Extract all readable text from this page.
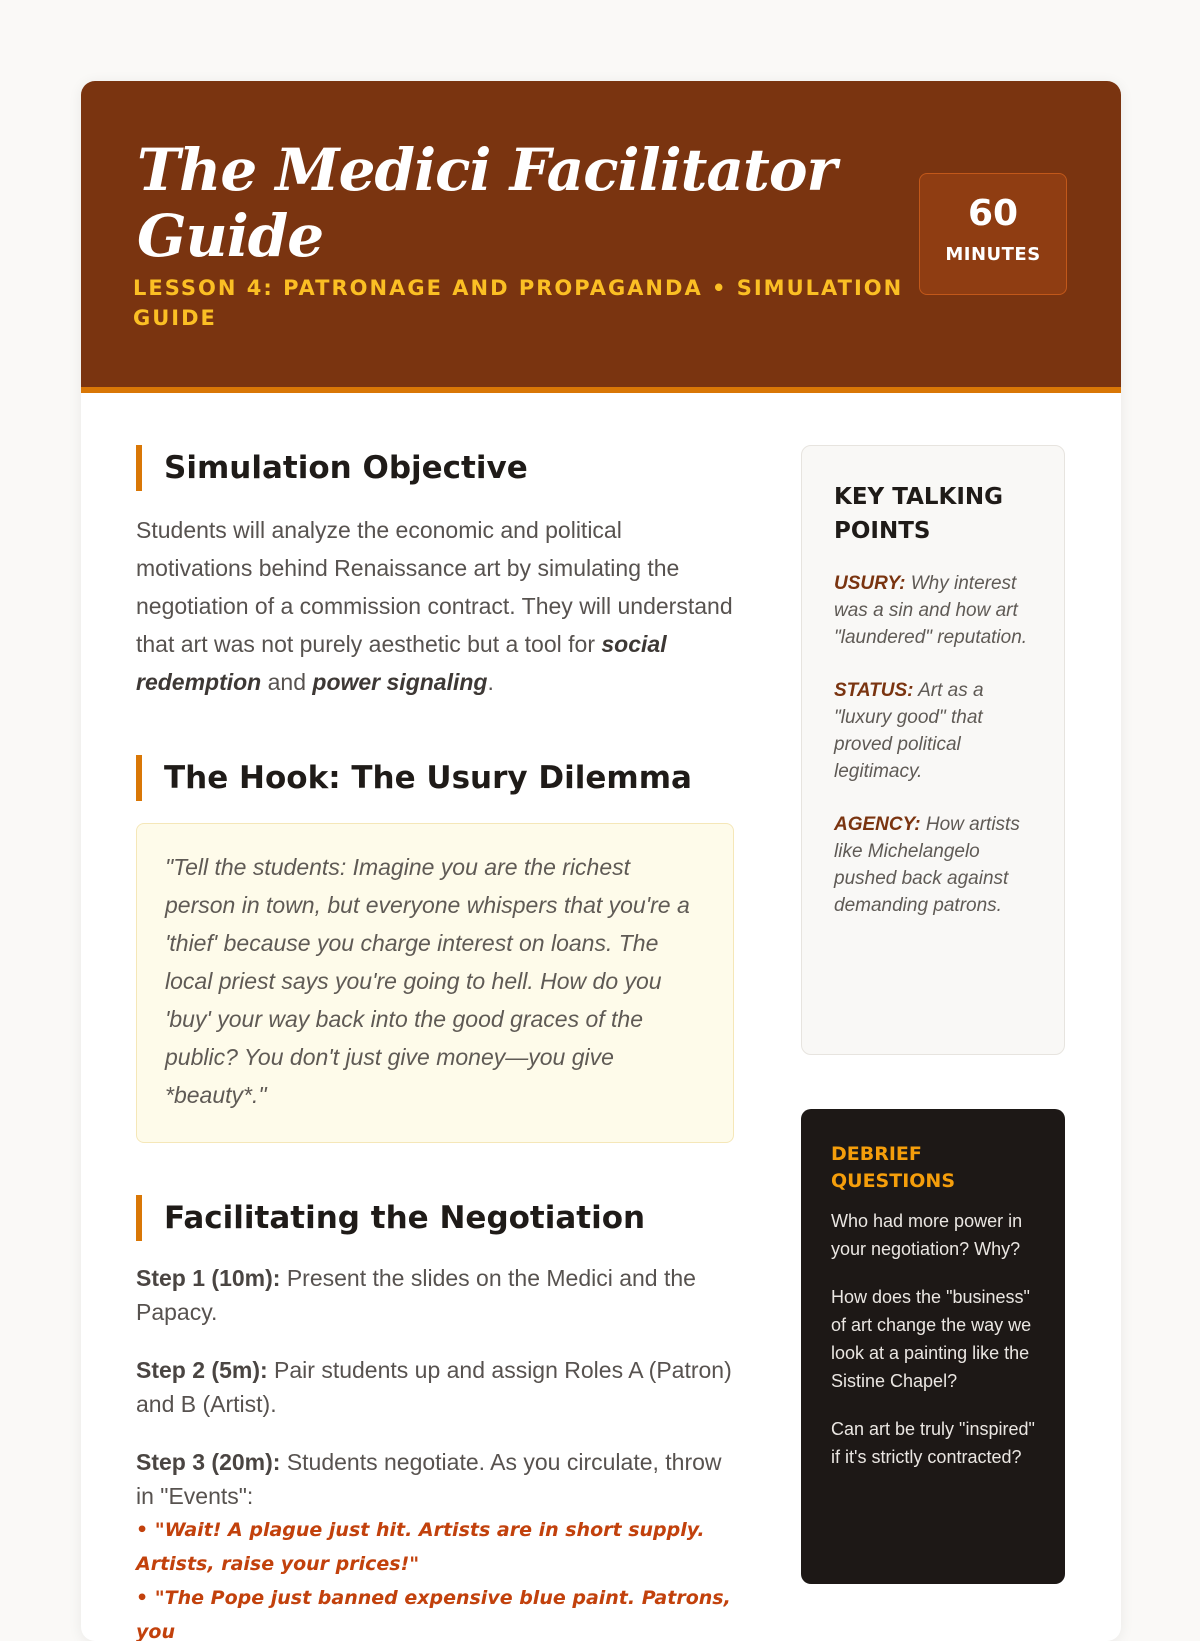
The Medici Facilitator Guide
LESSON 4: PATRONAGE AND PROPAGANDA • SIMULATION GUIDE
60
MINUTES
Simulation Objective

Students will analyze the economic and political motivations behind Renaissance art by simulating the negotiation of a commission contract. They will understand that art was not purely aesthetic but a tool for social redemption and power signaling.

The Hook: The Usury Dilemma
"Tell the students: Imagine you are the richest person in town, but everyone whispers that you're a 'thief' because you charge interest on loans. The local priest says you're going to hell. How do you 'buy' your way back into the good graces of the public? You don't just give money—you give *beauty*."
Facilitating the Negotiation

Step 1 (10m): Present the slides on the Medici and the Papacy.

Step 2 (5m): Pair students up and assign Roles A (Patron) and B (Artist).

Step 3 (20m): Students negotiate. As you circulate, throw in "Events":

• "Wait! A plague just hit. Artists are in short supply. Artists, raise your prices!"

• "The Pope just banned expensive blue paint. Patrons, you

KEY TALKING POINTS

USURY: Why interest was a sin and how art "laundered" reputation.

STATUS: Art as a "luxury good" that proved political legitimacy.

AGENCY: How artists like Michelangelo pushed back against demanding patrons.

DEBRIEF QUESTIONS

Who had more power in your negotiation? Why?

How does the "business" of art change the way we look at a painting like the Sistine Chapel?

Can art be truly "inspired" if it's strictly contracted?
